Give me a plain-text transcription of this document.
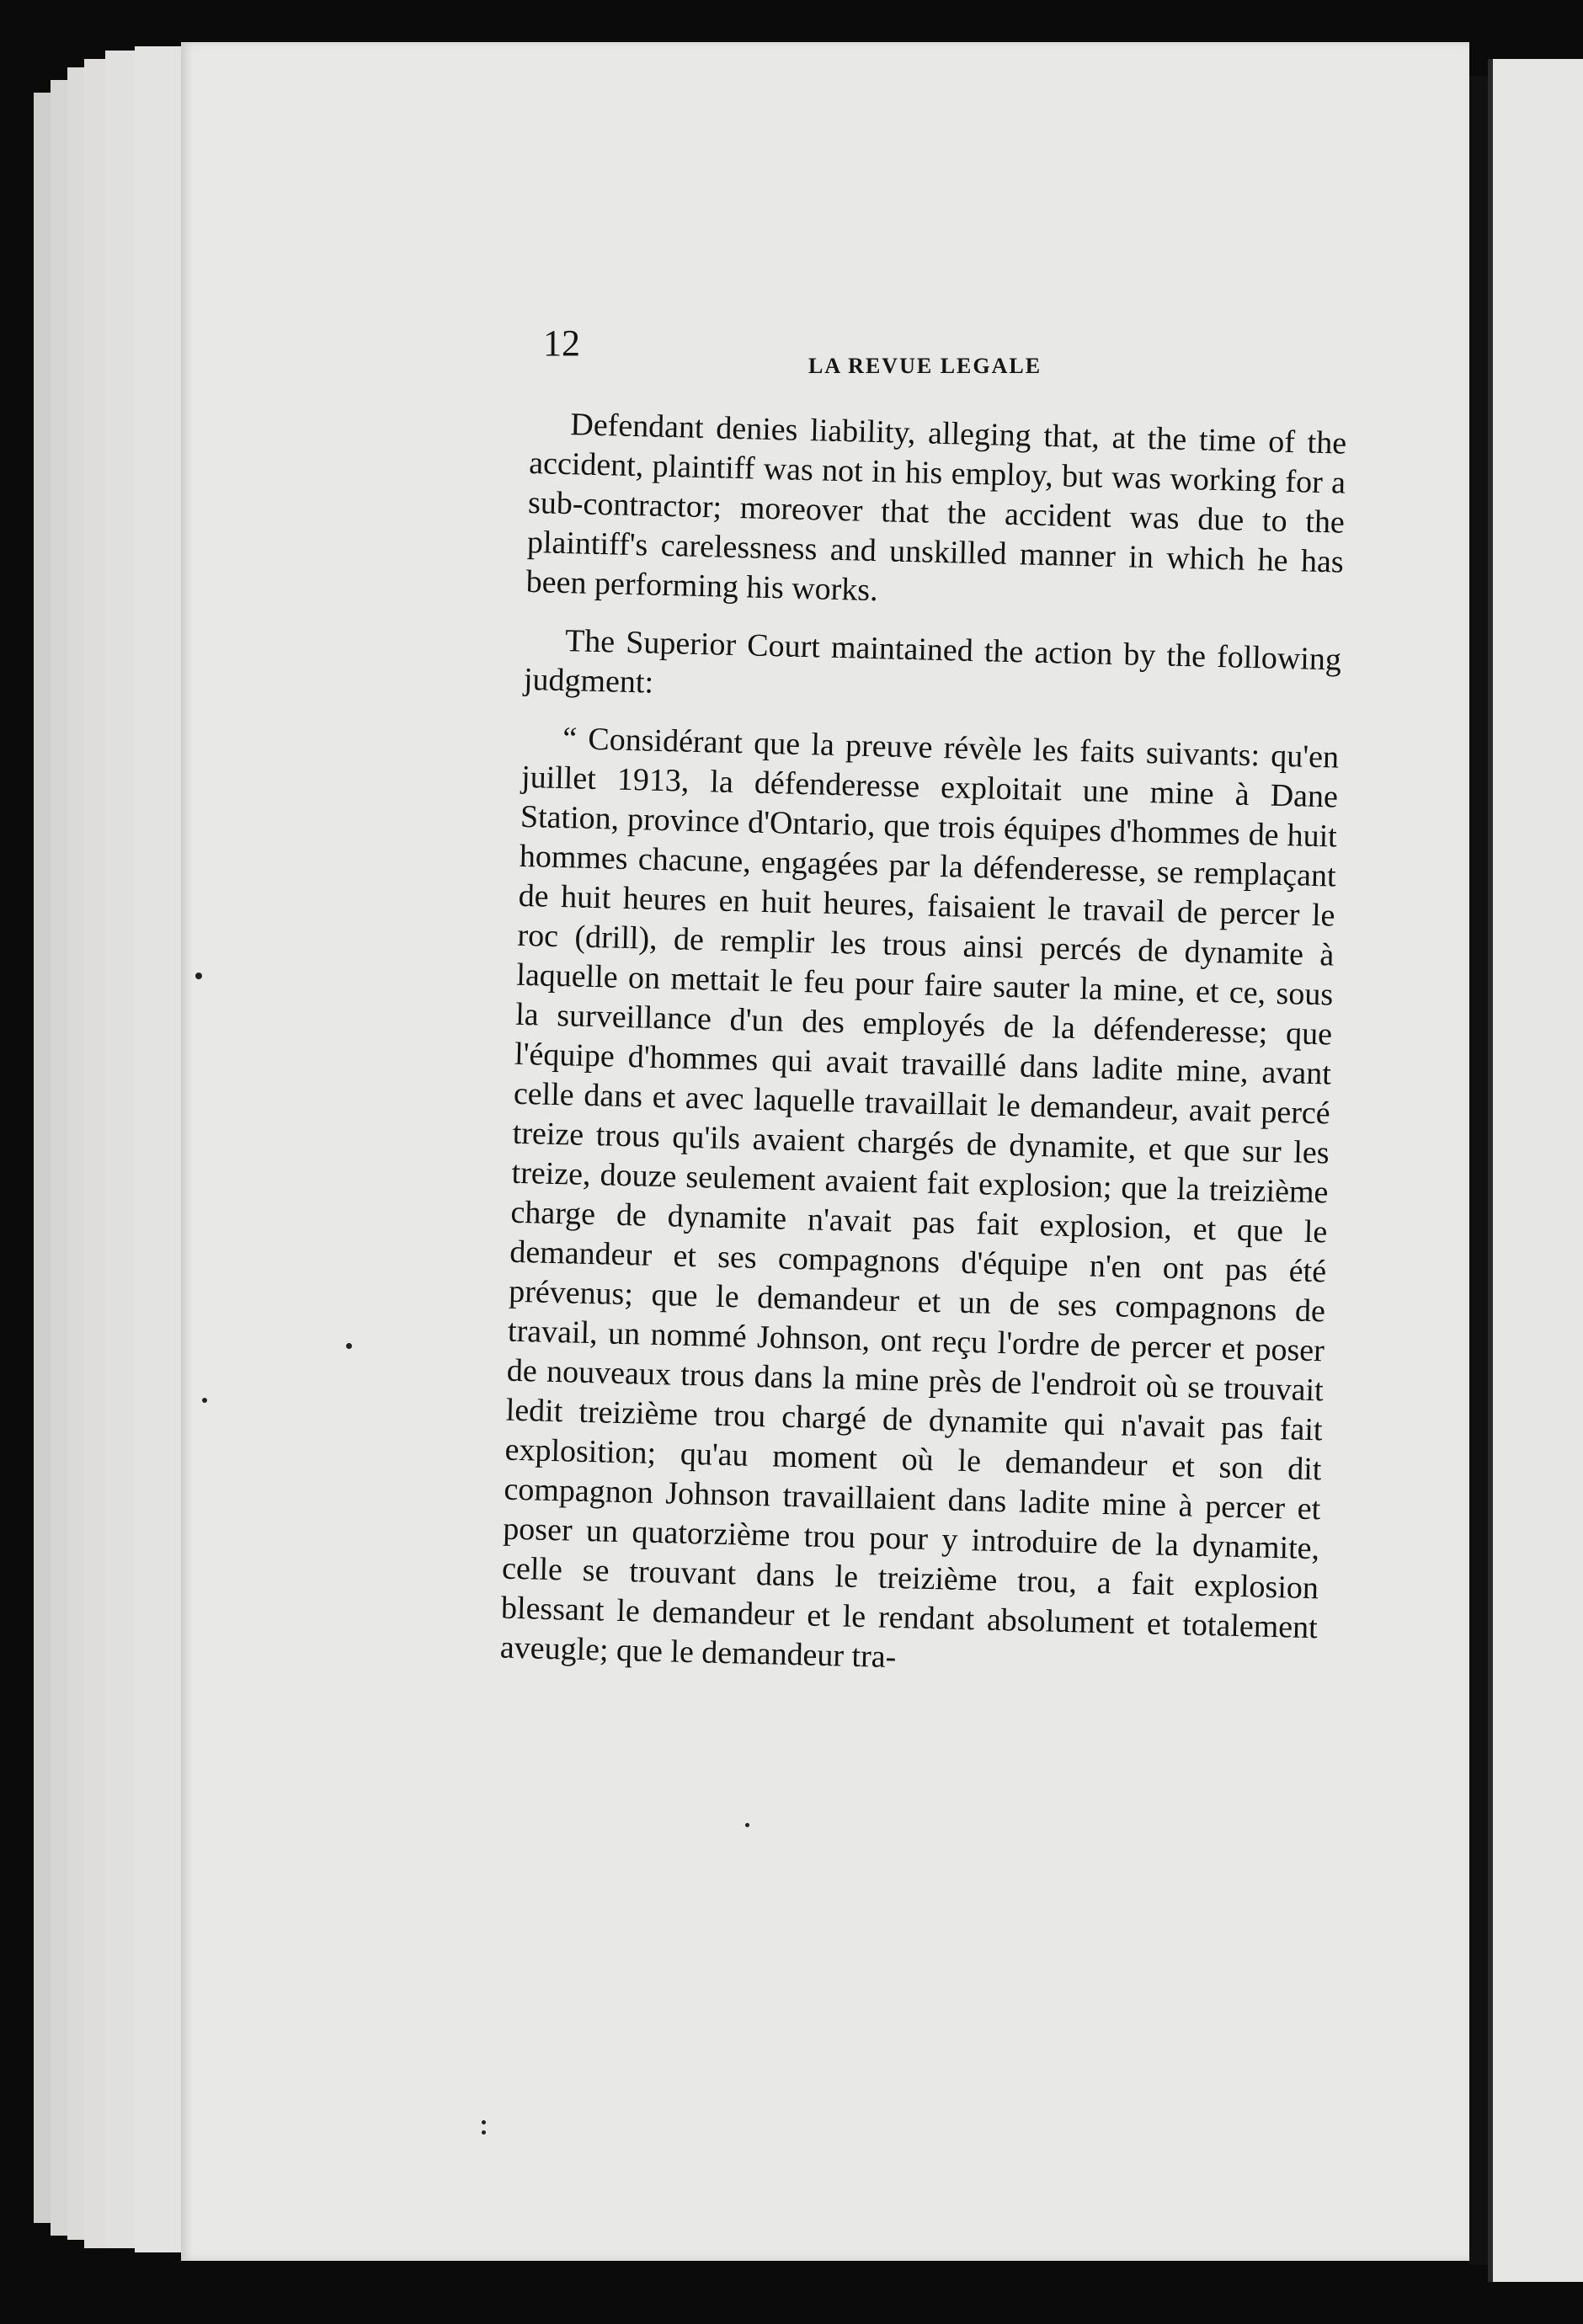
12
LA REVUE LEGALE

Defendant denies liability, alleging that, at the time of the accident, plaintiff was not in his employ, but was working for a sub-contractor; moreover that the accident was due to the plaintiff's carelessness and unskilled manner in which he has been performing his works.

The Superior Court maintained the action by the following judgment:

“ Considérant que la preuve révèle les faits suivants: qu'en juillet 1913, la défenderesse exploitait une mine à Dane Station, province d'Ontario, que trois équipes d'hommes de huit hommes chacune, engagées par la défenderesse, se remplaçant de huit heures en huit heures, faisaient le travail de percer le roc (drill), de remplir les trous ainsi percés de dynamite à laquelle on mettait le feu pour faire sauter la mine, et ce, sous la surveillance d'un des employés de la défenderesse; que l'équipe d'hommes qui avait travaillé dans ladite mine, avant celle dans et avec laquelle travaillait le demandeur, avait percé treize trous qu'ils avaient chargés de dynamite, et que sur les treize, douze seulement avaient fait explosion; que la treizième charge de dynamite n'avait pas fait explosion, et que le demandeur et ses compagnons d'équipe n'en ont pas été prévenus; que le demandeur et un de ses compagnons de travail, un nommé Johnson, ont reçu l'ordre de percer et poser de nouveaux trous dans la mine près de l'endroit où se trouvait ledit treizième trou chargé de dynamite qui n'avait pas fait explosition; qu'au moment où le demandeur et son dit compagnon Johnson travaillaient dans ladite mine à percer et poser un quatorzième trou pour y introduire de la dynamite, celle se trouvant dans le treizième trou, a fait explosion blessant le demandeur et le rendant absolument et totalement aveugle; que le demandeur tra-
